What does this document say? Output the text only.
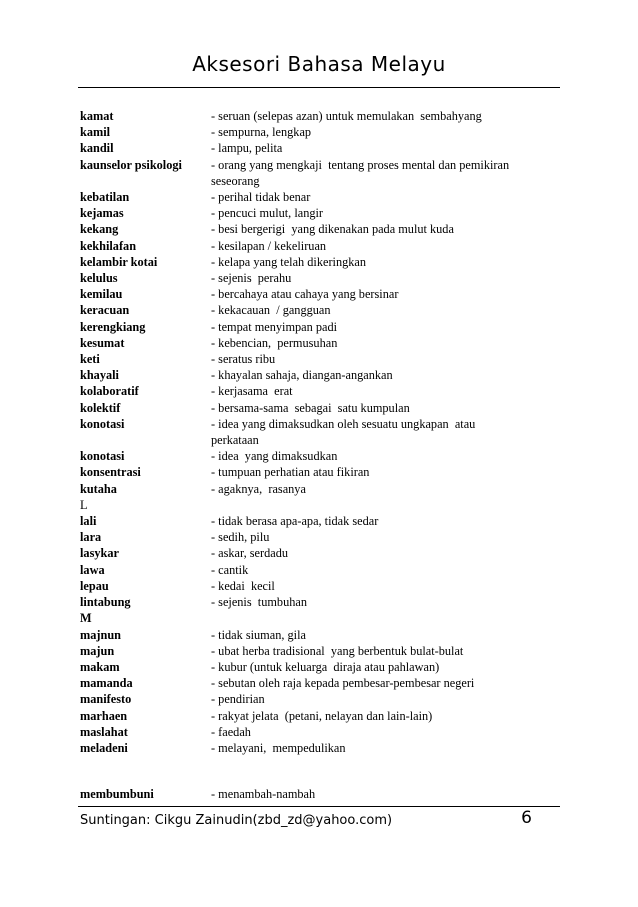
Aksesori Bahasa Melayu
kamat	- seruan (selepas azan) untuk memulakan  sembahyang
kamil	- sempurna, lengkap
kandil	- lampu, pelita
kaunselor psikologi	- orang yang mengkaji  tentang proses mental dan pemikiran
seseorang
kebatilan	- perihal tidak benar
kejamas	- pencuci mulut, langir
kekang	- besi bergerigi  yang dikenakan pada mulut kuda
kekhilafan	- kesilapan / kekeliruan
kelambir kotai	- kelapa yang telah dikeringkan
kelulus	- sejenis  perahu
kemilau	- bercahaya atau cahaya yang bersinar
keracuan	- kekacauan  / gangguan
kerengkiang	- tempat menyimpan padi
kesumat	- kebencian,  permusuhan
keti	- seratus ribu
khayali	- khayalan sahaja, diangan-angankan
kolaboratif	- kerjasama  erat
kolektif	- bersama-sama  sebagai  satu kumpulan
konotasi	- idea yang dimaksudkan oleh sesuatu ungkapan  atau
perkataan
konotasi	- idea  yang dimaksudkan
konsentrasi	- tumpuan perhatian atau fikiran
kutaha	- agaknya,  rasanya
L
lali	- tidak berasa apa-apa, tidak sedar
lara	- sedih, pilu
lasykar	- askar, serdadu
lawa	- cantik
lepau	- kedai  kecil
lintabung	- sejenis  tumbuhan
M
majnun	- tidak siuman, gila
majun	- ubat herba tradisional  yang berbentuk bulat-bulat
makam	- kubur (untuk keluarga  diraja atau pahlawan)
mamanda	- sebutan oleh raja kepada pembesar-pembesar negeri
manifesto	- pendirian
marhaen	- rakyat jelata  (petani, nelayan dan lain-lain)
maslahat	- faedah
meladeni	- melayani,  mempedulikan
membumbuni	- menambah-nambah
Suntingan: Cikgu Zainudin(zbd_zd@yahoo.com)	6
